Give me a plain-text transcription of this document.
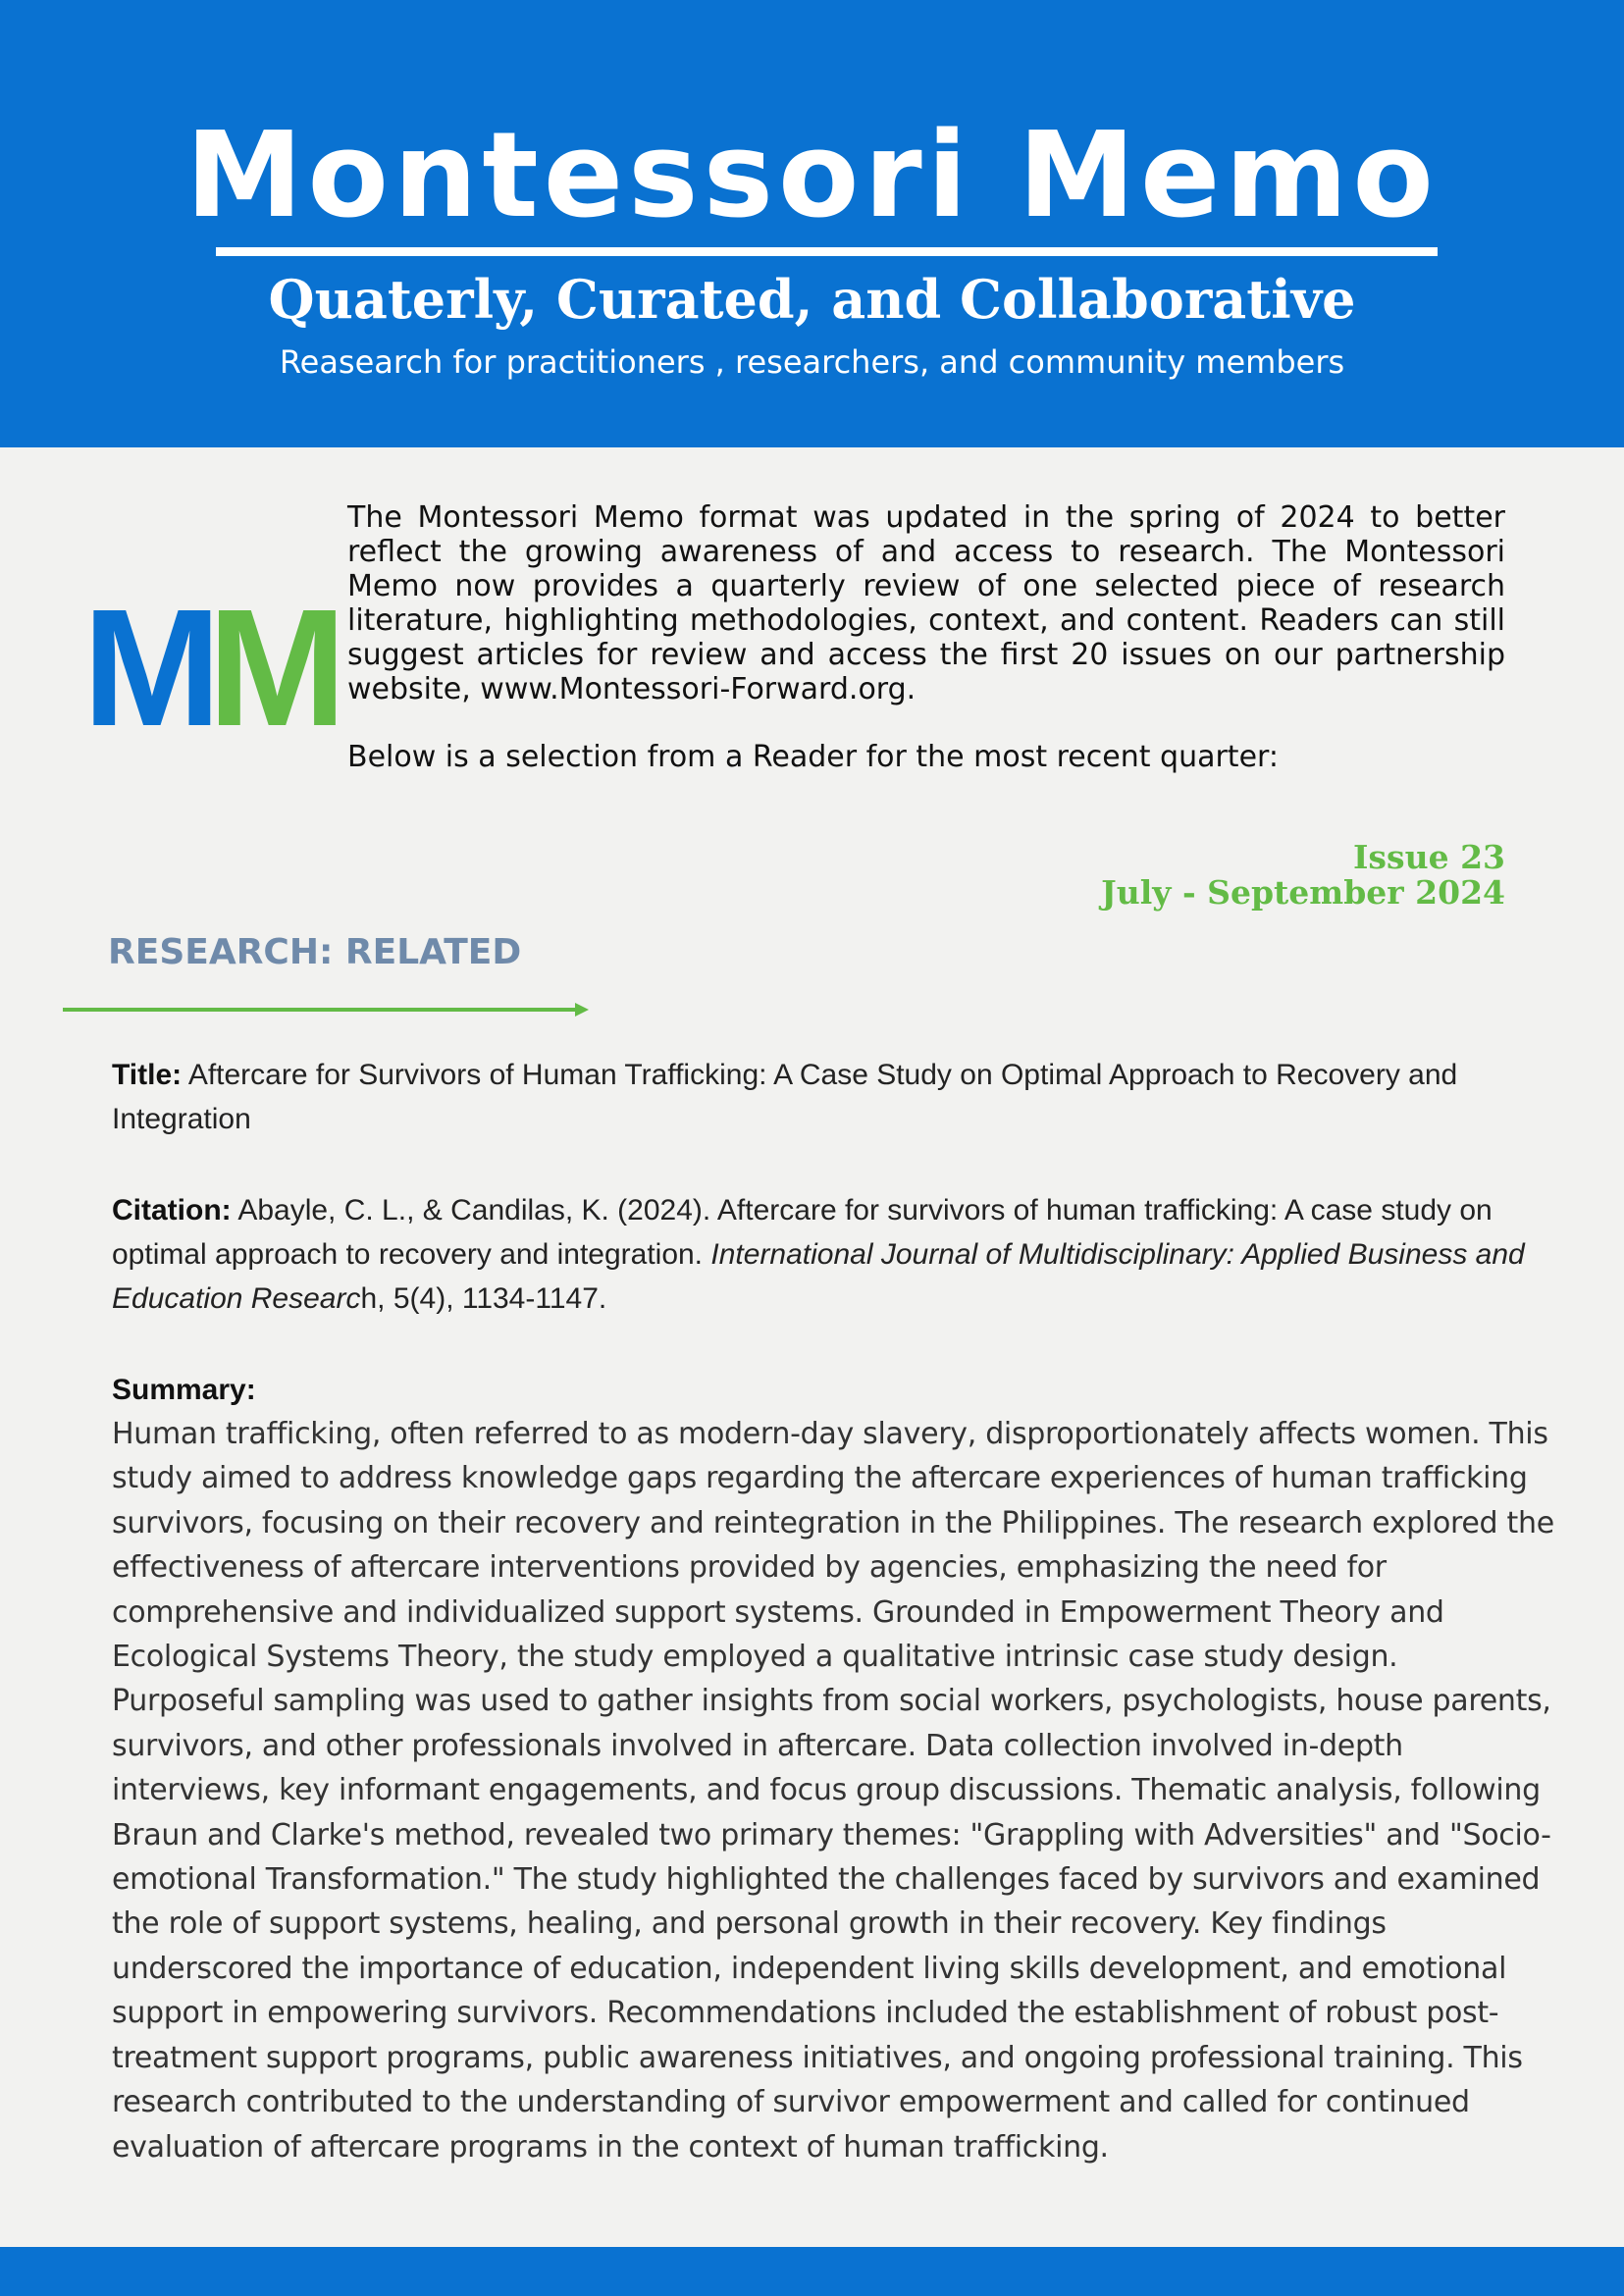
Montessori Memo
Quaterly, Curated, and Collaborative
Reasearch for practitioners , researchers, and community members
MM

The Montessori Memo format was updated in the spring of 2024 to better reflect the growing awareness of and access to research. The Montessori Memo now provides a quarterly review of one selected piece of research literature, highlighting methodologies, context, and content. Readers can still suggest articles for review and access the first 20 issues on our partnership website, www.Montessori-Forward.org.

Below is a selection from a Reader for the most recent quarter:

Issue 23
July - September 2024
RESEARCH: RELATED

Title: Aftercare for Survivors of Human Trafficking: A Case Study on Optimal Approach to Recovery and Integration

Citation: Abayle, C. L., & Candilas, K. (2024). Aftercare for survivors of human trafficking: A case study on optimal approach to recovery and integration. International Journal of Multidisciplinary: Applied Business and Education Research, 5(4), 1134-1147.

Summary:

Human trafficking, often referred to as modern-day slavery, disproportionately affects women. This study aimed to address knowledge gaps regarding the aftercare experiences of human trafficking survivors, focusing on their recovery and reintegration in the Philippines. The research explored the effectiveness of aftercare interventions provided by agencies, emphasizing the need for comprehensive and individualized support systems. Grounded in Empowerment Theory and Ecological Systems Theory, the study employed a qualitative intrinsic case study design. Purposeful sampling was used to gather insights from social workers, psychologists, house parents, survivors, and other professionals involved in aftercare. Data collection involved in-depth interviews, key informant engagements, and focus group discussions. Thematic analysis, following Braun and Clarke's method, revealed two primary themes: "Grappling with Adversities" and "Socio-emotional Transformation." The study highlighted the challenges faced by survivors and examined the role of support systems, healing, and personal growth in their recovery. Key findings underscored the importance of education, independent living skills development, and emotional support in empowering survivors. Recommendations included the establishment of robust post-treatment support programs, public awareness initiatives, and ongoing professional training. This research contributed to the understanding of survivor empowerment and called for continued evaluation of aftercare programs in the context of human trafficking.
